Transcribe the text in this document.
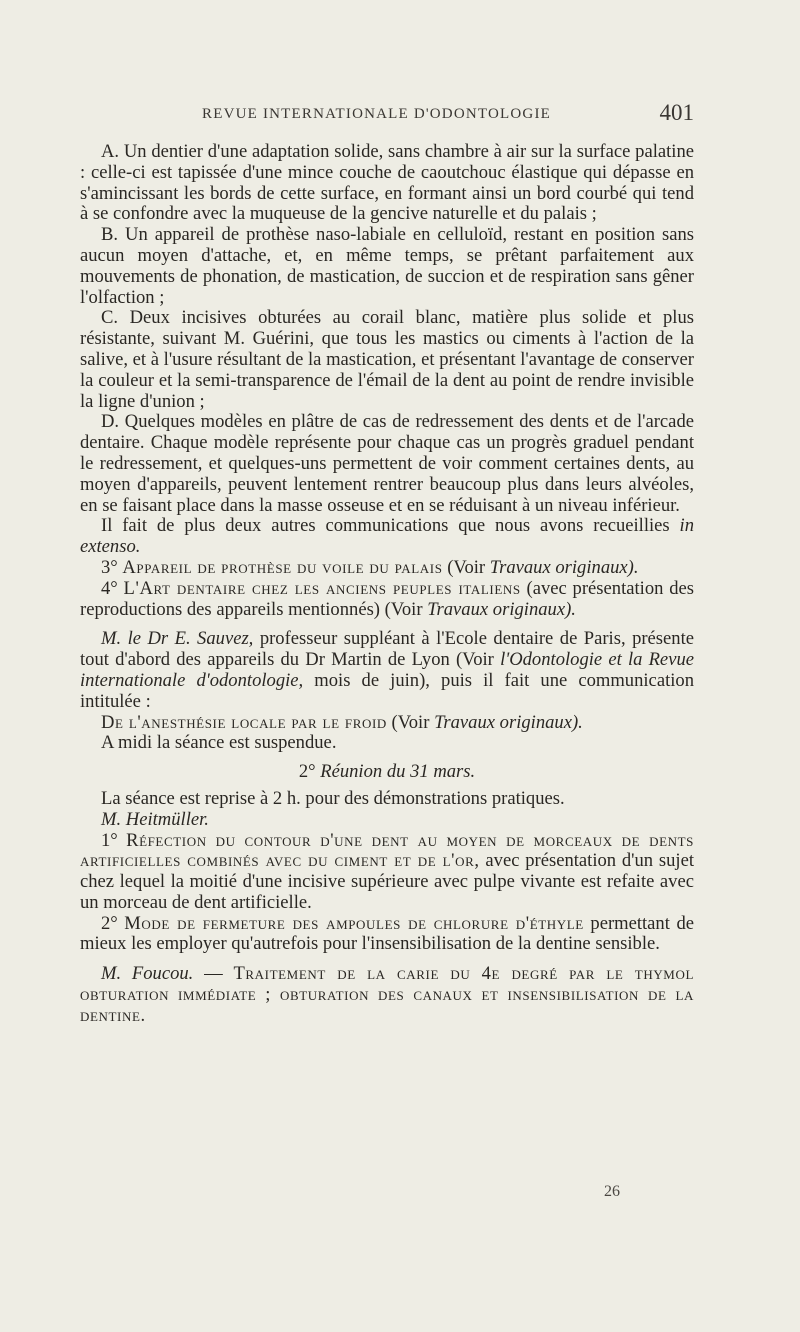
REVUE INTERNATIONALE D'ODONTOLOGIE	401

A. Un dentier d'une adaptation solide, sans chambre à air sur la surface palatine : celle-ci est tapissée d'une mince couche de caoutchouc élastique qui dépasse en s'amincissant les bords de cette surface, en formant ainsi un bord courbé qui tend à se confondre avec la muqueuse de la gencive naturelle et du palais ;

B. Un appareil de prothèse naso-labiale en celluloïd, restant en position sans aucun moyen d'attache, et, en même temps, se prêtant parfaitement aux mouvements de phonation, de mastication, de succion et de respiration sans gêner l'olfaction ;

C. Deux incisives obturées au corail blanc, matière plus solide et plus résistante, suivant M. Guérini, que tous les mastics ou ciments à l'action de la salive, et à l'usure résultant de la mastication, et présentant l'avantage de conserver la couleur et la semi-transparence de l'émail de la dent au point de rendre invisible la ligne d'union ;

D. Quelques modèles en plâtre de cas de redressement des dents et de l'arcade dentaire. Chaque modèle représente pour chaque cas un progrès graduel pendant le redressement, et quelques-uns permettent de voir comment certaines dents, au moyen d'appareils, peuvent lentement rentrer beaucoup plus dans leurs alvéoles, en se faisant place dans la masse osseuse et en se réduisant à un niveau inférieur.

Il fait de plus deux autres communications que nous avons recueillies in extenso.

3° Appareil de prothèse du voile du palais (Voir Travaux originaux).

4° L'Art dentaire chez les anciens peuples italiens (avec présentation des reproductions des appareils mentionnés) (Voir Travaux originaux).

M. le Dr E. Sauvez, professeur suppléant à l'Ecole dentaire de Paris, présente tout d'abord des appareils du Dr Martin de Lyon (Voir l'Odontologie et la Revue internationale d'odontologie, mois de juin), puis il fait une communication intitulée :

De l'anesthésie locale par le froid (Voir Travaux originaux).

A midi la séance est suspendue.

2° Réunion du 31 mars.

La séance est reprise à 2 h. pour des démonstrations pratiques.

M. Heitmüller.

1° Réfection du contour d'une dent au moyen de morceaux de dents artificielles combinés avec du ciment et de l'or, avec présentation d'un sujet chez lequel la moitié d'une incisive supérieure avec pulpe vivante est refaite avec un morceau de dent artificielle.

2° Mode de fermeture des ampoules de chlorure d'éthyle permettant de mieux les employer qu'autrefois pour l'insensibilisation de la dentine sensible.

M. Foucou. — Traitement de la carie du 4e degré par le thymol obturation immédiate ; obturation des canaux et insensibilisation de la dentine.

26
